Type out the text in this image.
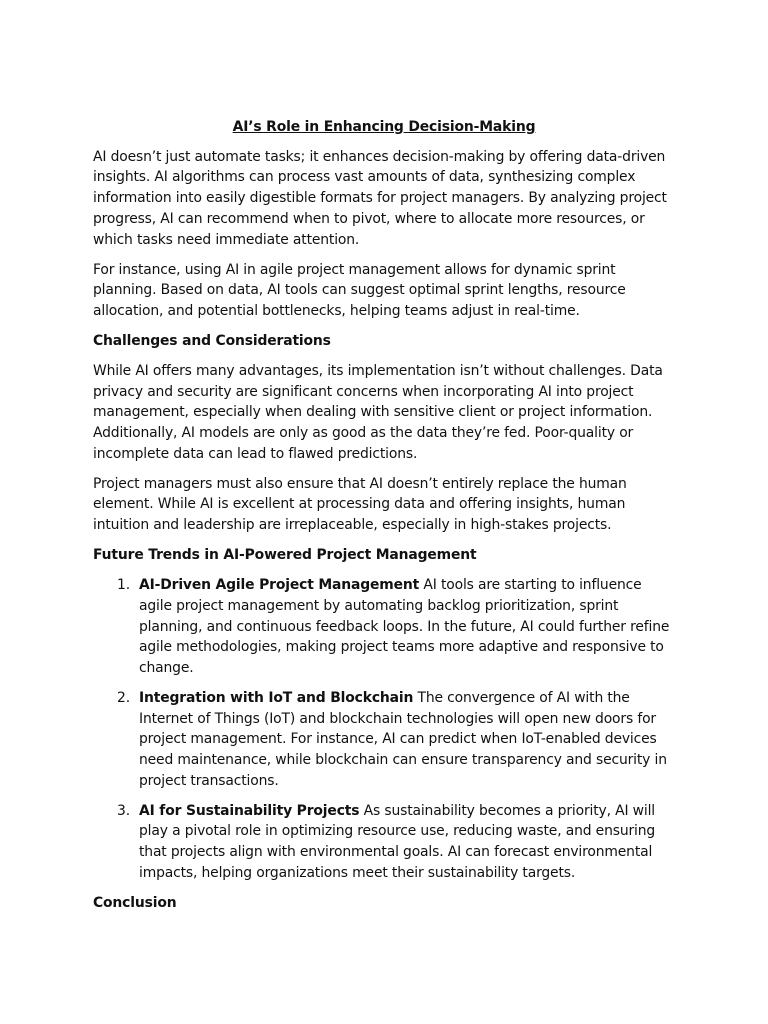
AI’s Role in Enhancing Decision-Making

AI doesn’t just automate tasks; it enhances decision-making by offering data-driven insights. AI algorithms can process vast amounts of data, synthesizing complex information into easily digestible formats for project managers. By analyzing project progress, AI can recommend when to pivot, where to allocate more resources, or which tasks need immediate attention.

For instance, using AI in agile project management allows for dynamic sprint planning. Based on data, AI tools can suggest optimal sprint lengths, resource allocation, and potential bottlenecks, helping teams adjust in real-time.

Challenges and Considerations

While AI offers many advantages, its implementation isn’t without challenges. Data privacy and security are significant concerns when incorporating AI into project management, especially when dealing with sensitive client or project information. Additionally, AI models are only as good as the data they’re fed. Poor-quality or incomplete data can lead to flawed predictions.

Project managers must also ensure that AI doesn’t entirely replace the human element. While AI is excellent at processing data and offering insights, human intuition and leadership are irreplaceable, especially in high-stakes projects.

Future Trends in AI-Powered Project Management
1. AI-Driven Agile Project Management AI tools are starting to influence agile project management by automating backlog prioritization, sprint planning, and continuous feedback loops. In the future, AI could further refine agile methodologies, making project teams more adaptive and responsive to change.
2. Integration with IoT and Blockchain The convergence of AI with the Internet of Things (IoT) and blockchain technologies will open new doors for project management. For instance, AI can predict when IoT-enabled devices need maintenance, while blockchain can ensure transparency and security in project transactions.
3. AI for Sustainability Projects As sustainability becomes a priority, AI will play a pivotal role in optimizing resource use, reducing waste, and ensuring that projects align with environmental goals. AI can forecast environmental impacts, helping organizations meet their sustainability targets.
Conclusion
